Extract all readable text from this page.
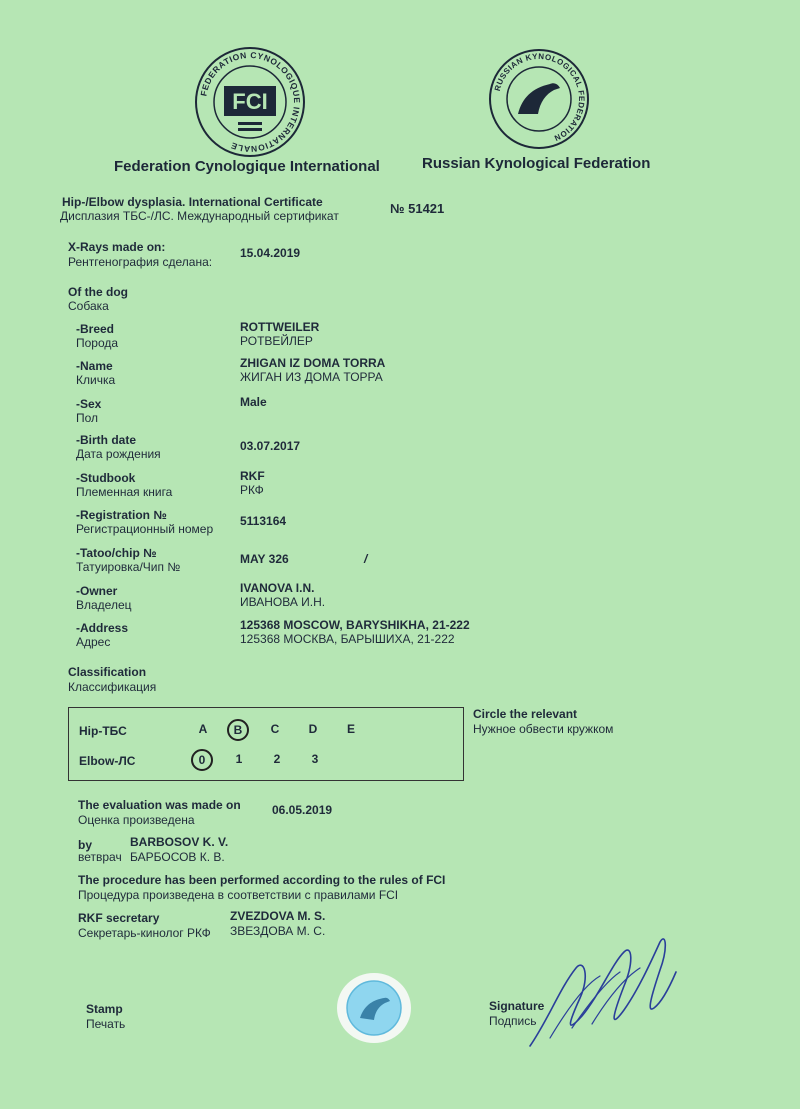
FEDERATION CYNOLOGIQUE INTERNATIONALE
FCI
RUSSIAN KYNOLOGICAL FEDERATION
Federation Cynologique International	Russian Kynological Federation
Hip-/Elbow dysplasia. International Certificate
Дисплазия ТБС-/ЛС. Международный сертификат	№ 51421
X-Rays made on:
Рентгенография сделана:
15.04.2019
Of the dog
Собака
-Breed
Порода
ROTTWEILER
РОТВЕЙЛЕР
-Name
Кличка
ZHIGAN IZ DOMA TORRA
ЖИГАН ИЗ ДОМА ТОРРА
-Sex
Пол
Male
-Birth date
Дата рождения
03.07.2017
-Studbook
Племенная книга
RKF
РКФ
-Registration №
Регистрационный номер
5113164
-Tatoo/chip №
Татуировка/Чип №
MAY 326	/
-Owner
Владелец
IVANOVA I.N.
ИВАНОВА И.Н.
-Address
Адрес
125368 MOSCOW, BARYSHIKHA, 21-222
125368 МОСКВА, БАРЫШИХА, 21-222
Classification
Классификация
Hip-ТБС	A	B	C	D	E
Elbow-ЛС	0	1	2	3
Circle the relevant
Нужное обвести кружком
The evaluation was made on
Оценка произведена
06.05.2019
by	BARBOSOV K. V.
ветврач БАРБОСОВ К. В.
The procedure has been performed according to the rules of FCI
Процедура произведена в соответствии с правилами FCI
RKF secretary
Секретарь-кинолог РКФ
ZVEZDOVA M. S.
ЗВЕЗДОВА М. С.
Stamp
Печать
Signature
Подпись
